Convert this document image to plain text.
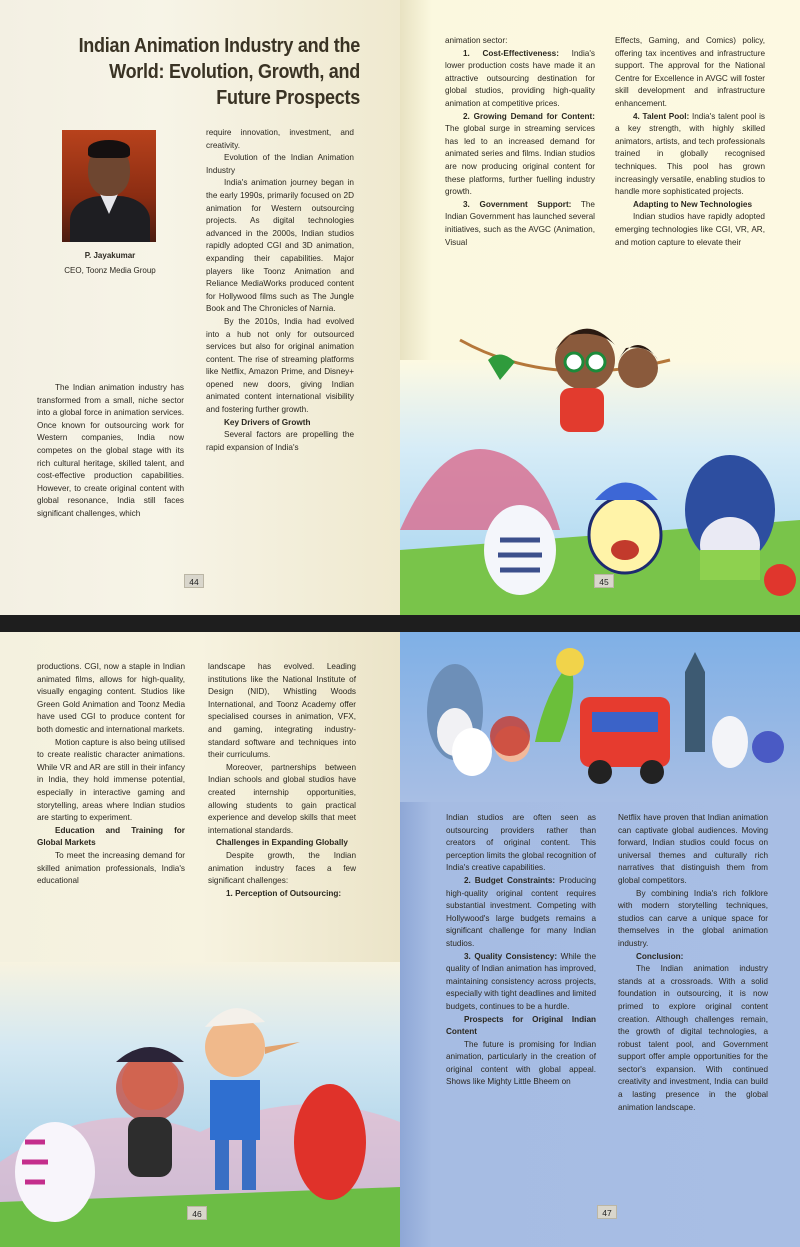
Indian Animation Industry and the World: Evolution, Growth, and Future Prospects
P. Jayakumar
CEO, Toonz Media Group

The Indian animation industry has transformed from a small, niche sector into a global force in animation services. Once known for outsourcing work for Western companies, India now competes on the global stage with its rich cultural heritage, skilled talent, and cost-effective production capabilities. However, to create original content with global resonance, India still faces significant challenges, which

require innovation, investment, and creativity.

Evolution of the Indian Animation Industry

India's animation journey began in the early 1990s, primarily focused on 2D animation for Western outsourcing projects. As digital technologies advanced in the 2000s, Indian studios rapidly adopted CGI and 3D animation, expanding their capabilities. Major players like Toonz Animation and Reliance MediaWorks produced content for Hollywood films such as The Jungle Book and The Chronicles of Narnia.

By the 2010s, India had evolved into a hub not only for outsourced services but also for original animation content. The rise of streaming platforms like Netflix, Amazon Prime, and Disney+ opened new doors, giving Indian animated content international visibility and fostering further growth.

Key Drivers of Growth

Several factors are propelling the rapid expansion of India's

44

animation sector:

1. Cost-Effectiveness: India's lower production costs have made it an attractive outsourcing destination for global studios, providing high-quality animation at competitive prices.

2. Growing Demand for Content: The global surge in streaming services has led to an increased demand for animated series and films. Indian studios are now producing original content for these platforms, further fuelling industry growth.

3. Government Support: The Indian Government has launched several initiatives, such as the AVGC (Animation, Visual

Effects, Gaming, and Comics) policy, offering tax incentives and infrastructure support. The approval for the National Centre for Excellence in AVGC will foster skill development and infrastructure enhancement.

4. Talent Pool: India's talent pool is a key strength, with highly skilled animators, artists, and tech professionals trained in globally recognised techniques. This pool has grown increasingly versatile, enabling studios to handle more sophisticated projects.

Adapting to New Technologies

Indian studios have rapidly adopted emerging technologies like CGI, VR, AR, and motion capture to elevate their

45

productions. CGI, now a staple in Indian animated films, allows for high-quality, visually engaging content. Studios like Green Gold Animation and Toonz Media have used CGI to produce content for both domestic and international markets.

Motion capture is also being utilised to create realistic character animations. While VR and AR are still in their infancy in India, they hold immense potential, especially in interactive gaming and storytelling, areas where Indian studios are starting to experiment.

Education and Training for Global Markets

To meet the increasing demand for skilled animation professionals, India's educational

landscape has evolved. Leading institutions like the National Institute of Design (NID), Whistling Woods International, and Toonz Academy offer specialised courses in animation, VFX, and gaming, integrating industry-standard software and techniques into their curriculums.

Moreover, partnerships between Indian schools and global studios have created internship opportunities, allowing students to gain practical experience and develop skills that meet international standards.

Challenges in Expanding Globally

Despite growth, the Indian animation industry faces a few significant challenges:

1. Perception of Outsourcing:

46

Indian studios are often seen as outsourcing providers rather than creators of original content. This perception limits the global recognition of India's creative capabilities.

2. Budget Constraints: Producing high-quality original content requires substantial investment. Competing with Hollywood's large budgets remains a significant challenge for many Indian studios.

3. Quality Consistency: While the quality of Indian animation has improved, maintaining consistency across projects, especially with tight deadlines and limited budgets, continues to be a hurdle.

Prospects for Original Indian Content

The future is promising for Indian animation, particularly in the creation of original content with global appeal. Shows like Mighty Little Bheem on

Netflix have proven that Indian animation can captivate global audiences. Moving forward, Indian studios could focus on universal themes and culturally rich narratives that distinguish them from global competitors.

By combining India's rich folklore with modern storytelling techniques, studios can carve a unique space for themselves in the global animation industry.

Conclusion:

The Indian animation industry stands at a crossroads. With a solid foundation in outsourcing, it is now primed to explore original content creation. Although challenges remain, the growth of digital technologies, a robust talent pool, and Government support offer ample opportunities for the sector's expansion. With continued creativity and investment, India can build a lasting presence in the global animation landscape.

47
